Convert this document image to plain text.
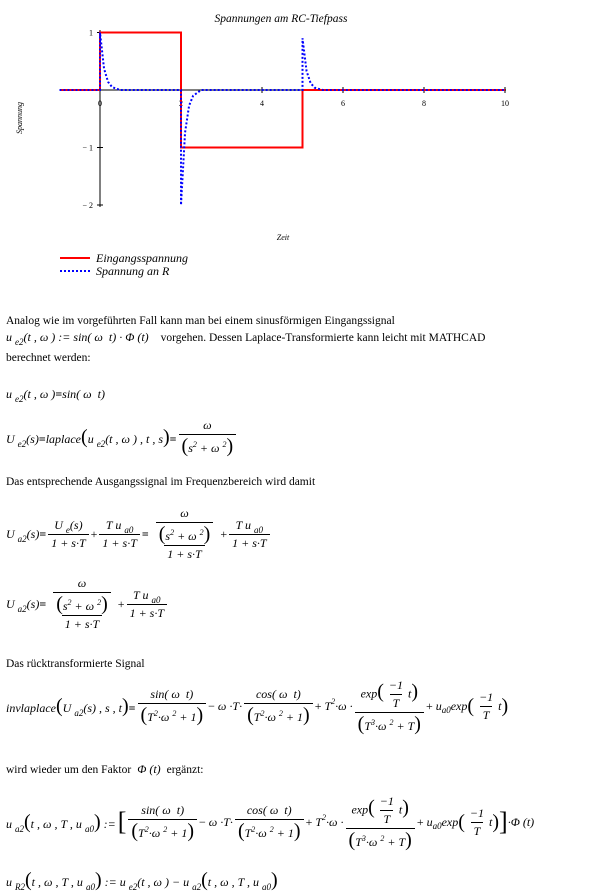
Spannungen am RC-Tiefpass
0	2	4	6	8	10
1
− 1
− 2
Spannung
Zeit
Eingangsspannung
Spannung an R
Analog wie im vorgeführten Fall kann man bei einem sinusförmigen Eingangssignal
u $_{e2}$(t , ω ) := sin( ω  t) · Φ (t) vorgehen. Dessen Laplace-Transformierte kann leicht mit MATHCAD
berechnet werden:
u $_{e2}$(t , ω )=sin( ω  t)
U $_{e2}$(s)=laplace(u $_{e2}$(t , ω ) , t , $s)= \frac{\omega}{(s^2 + \omega ^2)}$
Das entsprechende Ausgangssignal im Frequenzbereich wird damit
U $_{a2}(s)= \frac{U _e(s)}{1 + s\cdot T} + \frac{T u _{a0}}{1 + s\cdot T} = \frac{\frac{\omega}{(s^2 + \omega ^2)}}{1 + s\cdot T} + \frac{T u _{a0}}{1 + s\cdot T}$
U $_{a2}(s)= \frac{\frac{\omega}{(s^2 + \omega ^2)}}{1 + s\cdot T} + \frac{T u _{a0}}{1 + s\cdot T}$
Das rücktransformierte Signal
invlaplace(U $_{a2}$(s) , s , $t)= \frac{\text{sin( ω  t)}}{(T^2\cdot\omega ^2 + 1)} - \omega \cdot T\cdot \frac{\text{cos( ω  t)}}{(T^2\cdot\omega ^2 + 1)} + T$ $2 \cdot\omega \cdot \frac{\exp( \frac{-1}{T} t)}{(T^3\cdot\omega ^2 + T)} + u$ a0 exp ( $\frac{-1}{T}$ t )
wird wieder um den Faktor Φ (t) ergänzt:
u $_{a2}$(t , ω , T , u $_{a0}$) := [ $\frac{\text{sin( ω  t)}}{(T^2\cdot\omega ^2 + 1)} - \omega \cdot T\cdot \frac{\text{cos( ω  t)}}{(T^2\cdot\omega ^2 + 1)} + T$ $2 \cdot\omega \cdot \frac{\exp( \frac{-1}{T} t)}{(T^3\cdot\omega ^2 + T)} + u$ a0 exp ( $\frac{-1}{T}$ t ) ] ·Φ (t)
u $_{R2}$(t , ω , T , u $_{a0}$) := u $_{e2}$(t , ω ) − u $_{a2}$(t , ω , T , u $_{a0}$)
